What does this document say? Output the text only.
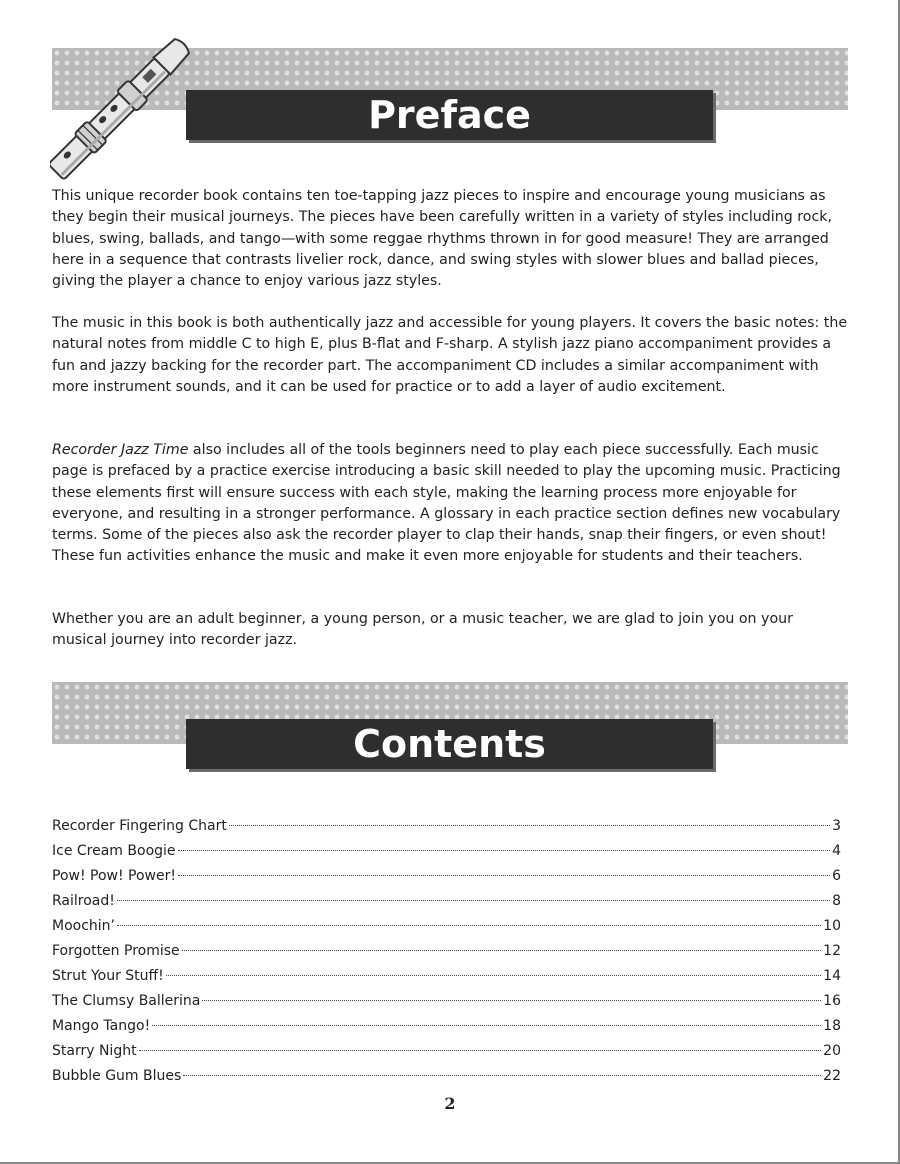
Preface

This unique recorder book contains ten toe-tapping jazz pieces to inspire and encourage young musicians as they begin their musical journeys. The pieces have been carefully written in a variety of styles including rock, blues, swing, ballads, and tango—with some reggae rhythms thrown in for good measure! They are arranged here in a sequence that contrasts livelier rock, dance, and swing styles with slower blues and ballad pieces, giving the player a chance to enjoy various jazz styles.

The music in this book is both authentically jazz and accessible for young players. It covers the basic notes: the natural notes from middle C to high E, plus B-flat and F-sharp. A stylish jazz piano accompaniment provides a fun and jazzy backing for the recorder part. The accompaniment CD includes a similar accompaniment with more instrument sounds, and it can be used for practice or to add a layer of audio excitement.

Recorder Jazz Time also includes all of the tools beginners need to play each piece successfully. Each music page is prefaced by a practice exercise introducing a basic skill needed to play the upcoming music. Practicing these elements first will ensure success with each style, making the learning process more enjoyable for everyone, and resulting in a stronger performance. A glossary in each practice section defines new vocabulary terms. Some of the pieces also ask the recorder player to clap their hands, snap their fingers, or even shout! These fun activities enhance the music and make it even more enjoyable for students and their teachers.

Whether you are an adult beginner, a young person, or a music teacher, we are glad to join you on your musical journey into recorder jazz.

Contents
Recorder Fingering Chart	3
Ice Cream Boogie	4
Pow! Pow! Power!	6
Railroad!	8
Moochin’	10
Forgotten Promise	12
Strut Your Stuff!	14
The Clumsy Ballerina	16
Mango Tango!	18
Starry Night	20
Bubble Gum Blues	22
2
